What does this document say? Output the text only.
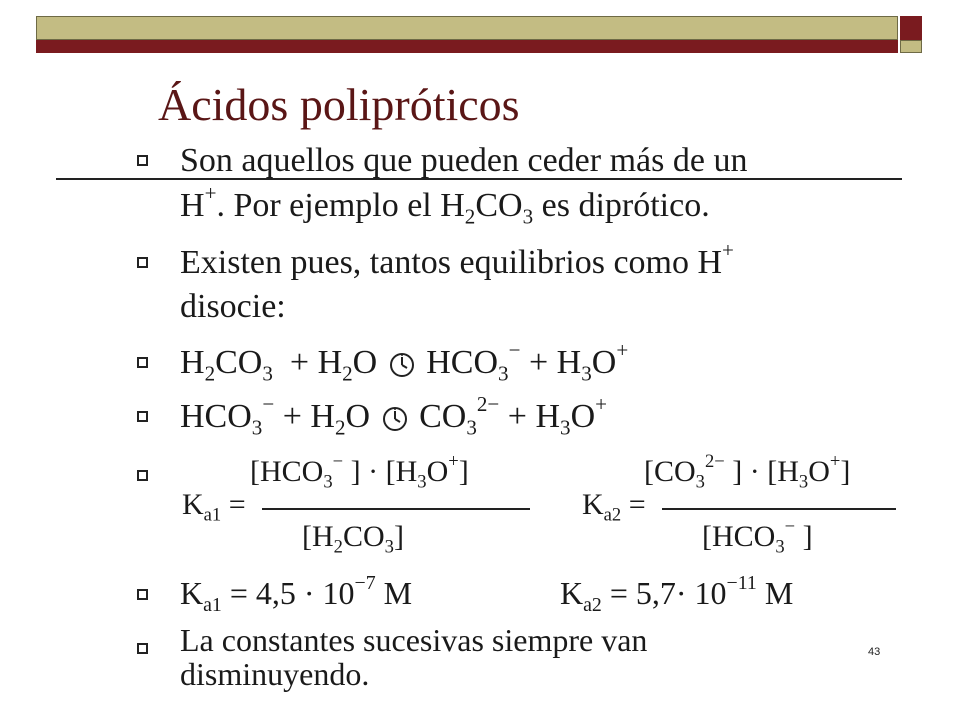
Ácidos polipróticos
Son aquellos que pueden ceder más de un
H+. Por ejemplo el $H_2CO_3$ es diprótico.
Existen pues, tantos equilibrios como H+
disocie:
$H_2CO_3 + H_2O$ $HCO_3^- + H_3O^+$
$HCO_3^- + H_2O$ $CO_3^{2-} + H_3O^+$
[$HCO_3^-$ ] · $[H_3O^+]$
$K_{a1}$ =
$[H_2CO_3]$
[$CO_3^{2-}$ ] · $[H_3O^+]$
$K_{a2}$ =
[$HCO_3^-$ ]
$K_{a1} = 4,5 \cdot 10^{-7}$ M	$K_{a2} = 5,7\cdot 10^{-11}$ M
La constantes sucesivas siempre van
disminuyendo.
43
